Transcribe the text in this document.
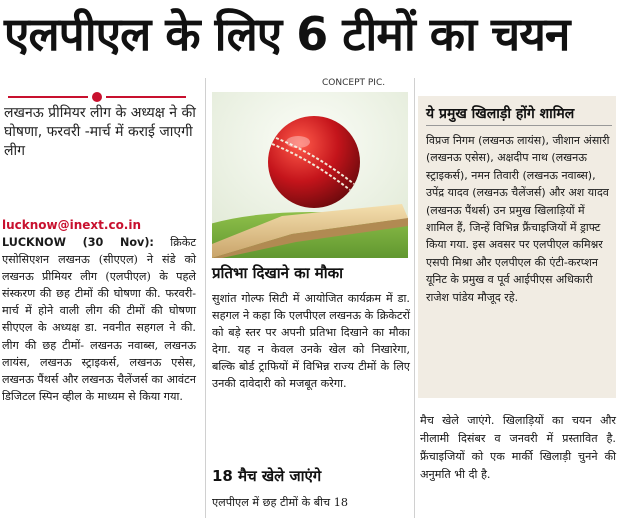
एलपीएल के लिए 6 टीमों का चयन
लखनऊ प्रीमियर लीग के अध्यक्ष ने की घोषणा, फरवरी -मार्च में कराई जाएगी लीग
lucknow@inext.co.in
LUCKNOW (30 Nov): क्रिकेट एसोसिएशन लखनऊ (सीएएल) ने संडे को लखनऊ प्रीमियर लीग (एलपीएल) के पहले संस्करण की छह टीमों की घोषणा की. फरवरी-मार्च में होने वाली लीग की टीमों की घोषणा सीएएल के अध्यक्ष डा. नवनीत सहगल ने की. लीग की छह टीमों- लखनऊ नवाब्स, लखनऊ लायंस, लखनऊ स्ट्राइकर्स, लखनऊ एसेस, लखनऊ पैंथर्स और लखनऊ चैलेंजर्स का आवंटन डिजिटल स्पिन व्हील के माध्यम से किया गया.
CONCEPT PIC.
प्रतिभा दिखाने का मौका
सुशांत गोल्फ सिटी में आयोजित कार्यक्रम में डा. सहगल ने कहा कि एलपीएल लखनऊ के क्रिकेटरों को बड़े स्तर पर अपनी प्रतिभा दिखाने का मौका देगा. यह न केवल उनके खेल को निखारेगा, बल्कि बोर्ड ट्राफियों में विभिन्न राज्य टीमों के लिए उनकी दावेदारी को मजबूत करेगा.
18 मैच खेले जाएंगे
एलपीएल में छह टीमों के बीच 18
ये प्रमुख खिलाड़ी होंगे शामिल
विप्रज निगम (लखनऊ लायंस), जीशान अंसारी (लखनऊ एसेस), अक्षदीप नाथ (लखनऊ स्ट्राइकर्स), नमन तिवारी (लखनऊ नवाब्स), उपेंद्र यादव (लखनऊ चैलेंजर्स) और अश यादव (लखनऊ पैंथर्स) उन प्रमुख खिलाड़ियों में शामिल हैं, जिन्हें विभिन्न फ्रैंचाइजियों में ड्राफ्ट किया गया. इस अवसर पर एलपीएल कमिश्नर एसपी मिश्रा और एलपीएल की एंटी-करप्शन यूनिट के प्रमुख व पूर्व आईपीएस अधिकारी राजेश पांडेय मौजूद रहे.
मैच खेले जाएंगे. खिलाड़ियों का चयन और नीलामी दिसंबर व जनवरी में प्रस्तावित है. फ्रैंचाइजियों को एक मार्की खिलाड़ी चुनने की अनुमति भी दी है.
